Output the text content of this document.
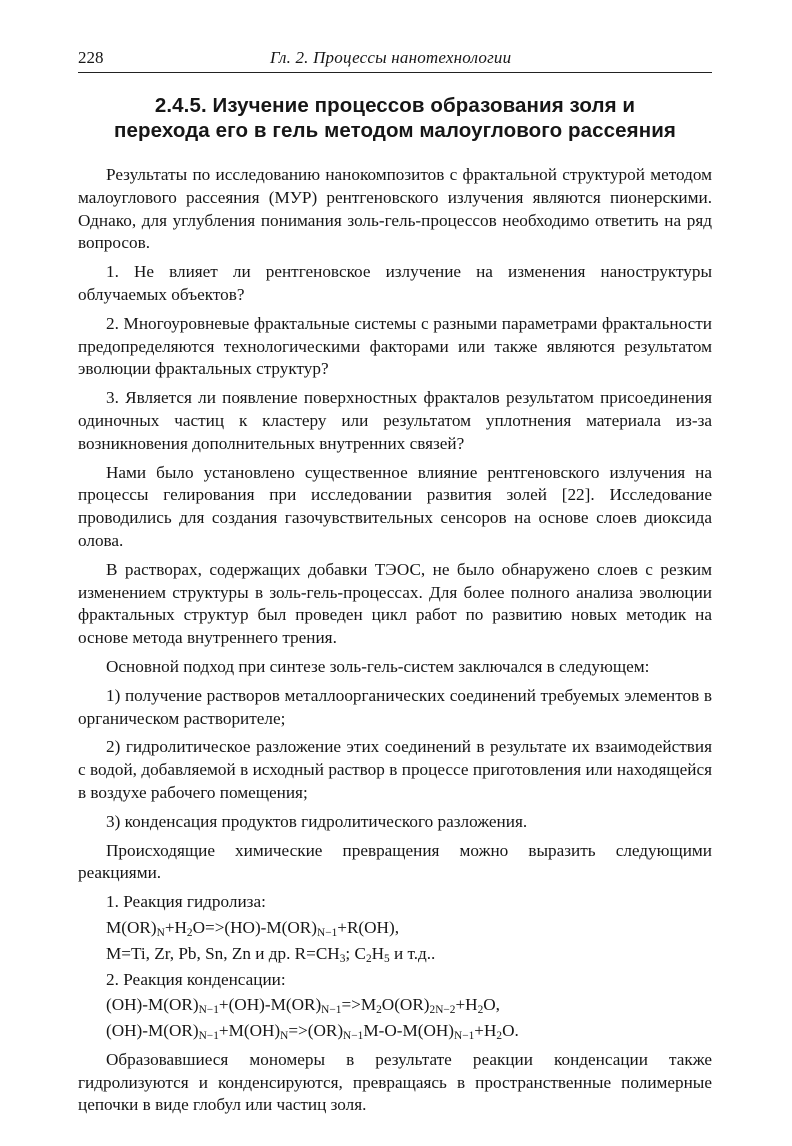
228	Гл. 2. Процессы нанотехнологии
2.4.5. Изучение процессов образования золя и
перехода его в гель методом малоуглового рассеяния

Результаты по исследованию нанокомпозитов с фрактальной структурой методом малоуглового рассеяния (МУР) рентгеновского излучения являются пионерскими. Однако, для углубления понимания золь-гель-процессов необходимо ответить на ряд вопросов.

1. Не влияет ли рентгеновское излучение на изменения наноструктуры облучаемых объектов?

2. Многоуровневые фрактальные системы с разными параметрами фрактальности предопределяются технологическими факторами или также являются результатом эволюции фрактальных структур?

3. Является ли появление поверхностных фракталов результатом присоединения одиночных частиц к кластеру или результатом уплотнения материала из-за возникновения дополнительных внутренних связей?

Нами было установлено существенное влияние рентгеновского излучения на процессы гелирования при исследовании развития золей [22]. Исследование проводились для создания газочувствительных сенсоров на основе слоев диоксида олова.

В растворах, содержащих добавки ТЭОС, не было обнаружено слоев с резким изменением структуры в золь-гель-процессах. Для более полного анализа эволюции фрактальных структур был проведен цикл работ по развитию новых методик на основе метода внутреннего трения.

Основной подход при синтезе золь-гель-систем заключался в следующем:

1) получение растворов металлоорганических соединений требуемых элементов в органическом растворителе;

2) гидролитическое разложение этих соединений в результате их взаимодействия с водой, добавляемой в исходный раствор в процессе приготовления или находящейся в воздухе рабочего помещения;

3) конденсация продуктов гидролитического разложения.

Происходящие химические превращения можно выразить следующими реакциями.

1. Реакция гидролиза:

$M(OR)_N+H_2O=>(HO)-M(OR)_{N-1}+R(OH)$,

M=Ti, Zr, Pb, Sn, Zn и др. $R=CH_3$; $C_2H_5$ и т.д..

2. Реакция конденсации:

$(OH)-M(OR)_{N-1}+(OH)-M(OR)_{N-1}=>M_2O(OR)_{2N-2}+H_2O$,

$(OH)-M(OR)_{N-1}+M(OH)_N=>(OR)_{N-1}M-O-M(OH)_{N-1}+H_2O$.

Образовавшиеся мономеры в результате реакции конденсации также гидролизуются и конденсируются, превращаясь в пространственные полимерные цепочки в виде глобул или частиц золя.
